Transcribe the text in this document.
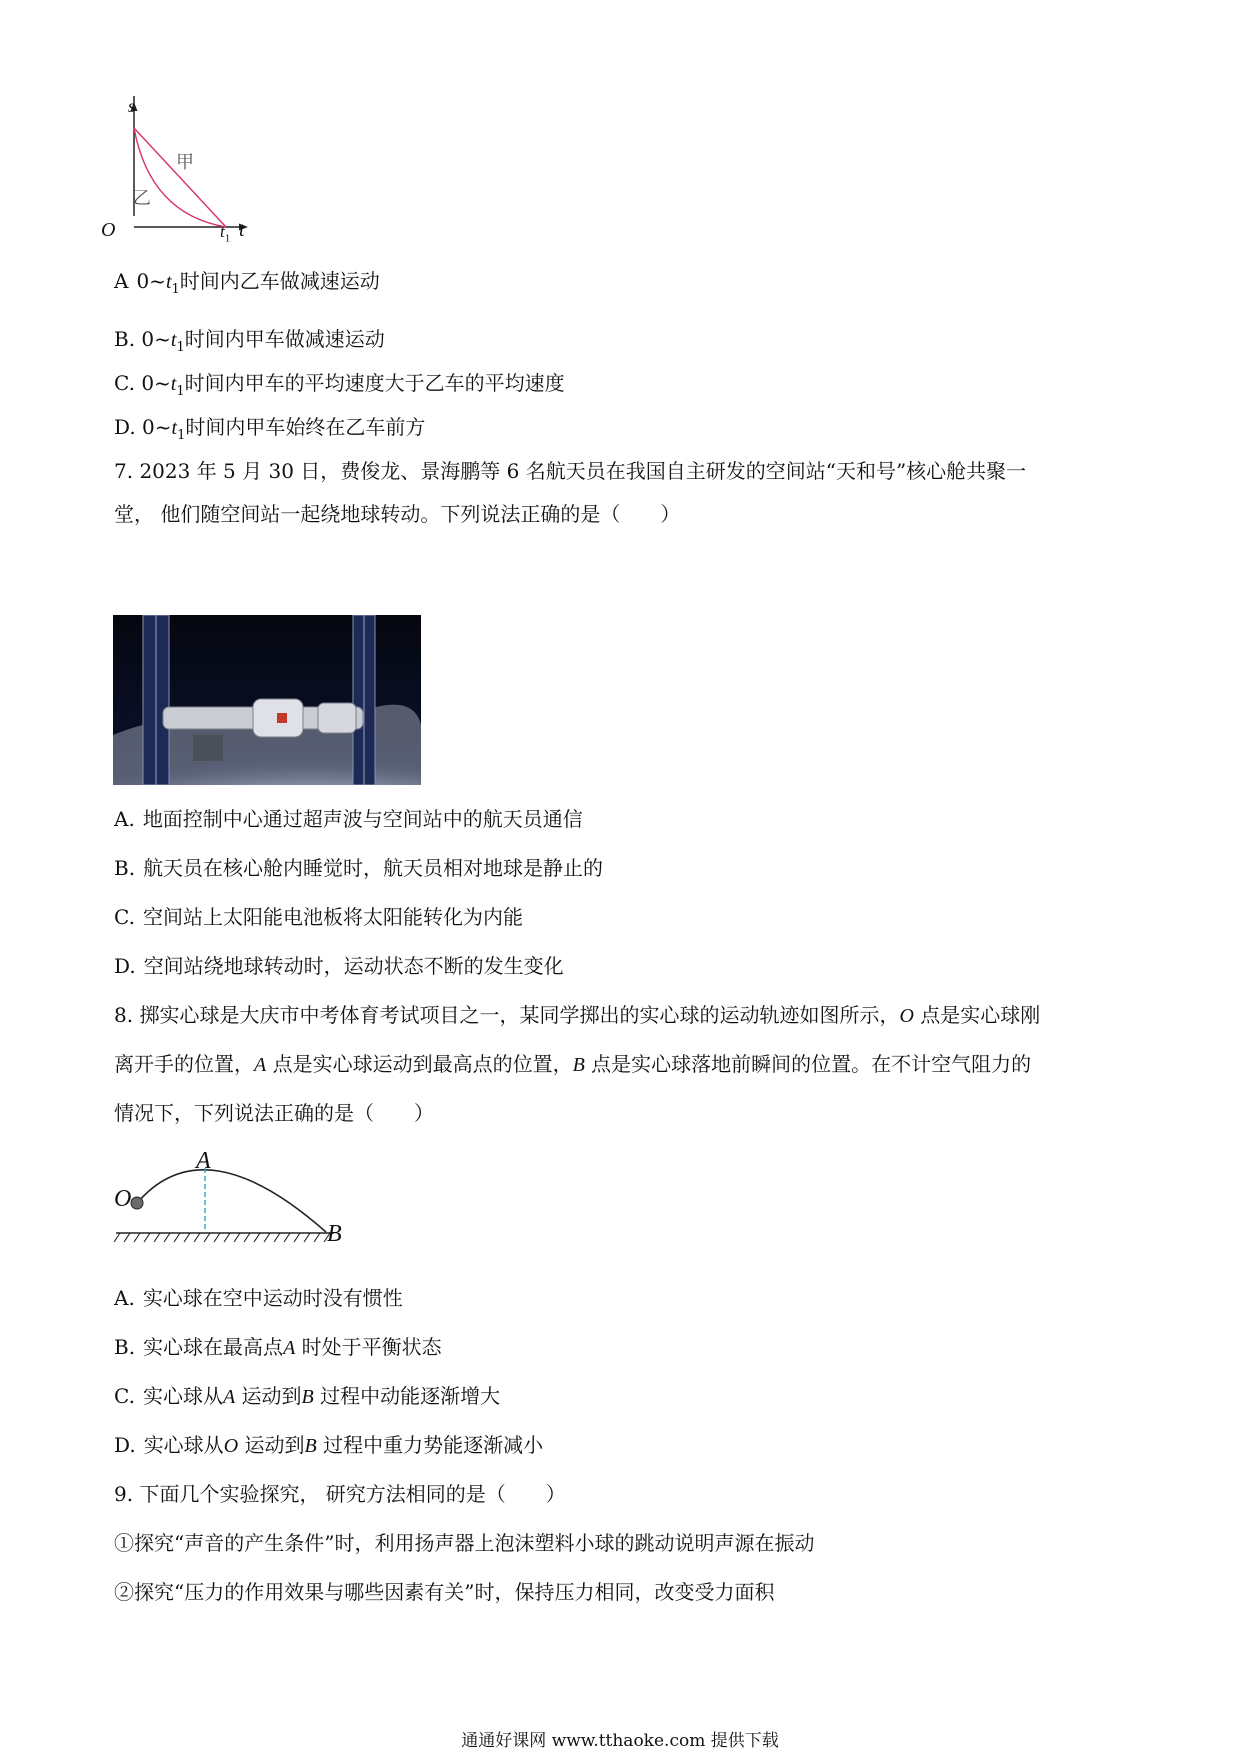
s
t
O	$t_1$
甲
乙
A $0\sim t_1$时间内乙车做减速运动
B. $0\sim t_1$时间内甲车做减速运动
C. $0\sim t_1$时间内甲车的平均速度大于乙车的平均速度
D. $0\sim t_1$时间内甲车始终在乙车前方
7. 2023 年 5 月 30 日，费俊龙、景海鹏等 6 名航天员在我国自主研发的空间站“天和号”核心舱共聚一
堂， 他们随空间站一起绕地球转动。下列说法正确的是（　　）
A. 地面控制中心通过超声波与空间站中的航天员通信
B. 航天员在核心舱内睡觉时，航天员相对地球是静止的
C. 空间站上太阳能电池板将太阳能转化为内能
D. 空间站绕地球转动时，运动状态不断的发生变化
8. 掷实心球是大庆市中考体育考试项目之一，某同学掷出的实心球的运动轨迹如图所示，O 点是实心球刚
离开手的位置，A 点是实心球运动到最高点的位置，B 点是实心球落地前瞬间的位置。在不计空气阻力的
情况下，下列说法正确的是（　　）
O
A
B
A. 实心球在空中运动时没有惯性
B. 实心球在最高点A 时处于平衡状态
C. 实心球从A 运动到B 过程中动能逐渐增大
D. 实心球从O 运动到B 过程中重力势能逐渐减小
9. 下面几个实验探究， 研究方法相同的是（　　）
①探究“声音的产生条件”时，利用扬声器上泡沫塑料小球的跳动说明声源在振动
②探究“压力的作用效果与哪些因素有关”时，保持压力相同，改变受力面积
通通好课网 www.tthaoke.com 提供下载
